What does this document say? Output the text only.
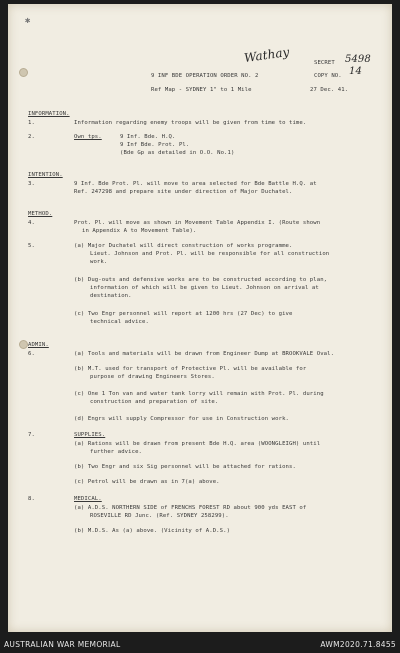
✱
Wathay	5498
SECRET
9 INF BDE OPERATION ORDER NO. 2	COPY NO. 14
Ref Map - SYDNEY 1" to 1 Mile	27 Dec. 41.
INFORMATION.
1.	Information regarding enemy troops will be given from time to time.
2.	Own tps.	9 Inf. Bde. H.Q.
9 Inf Bde. Prot. Pl.
(Bde Gp as detailed in O.O. No.1)
INTENTION.
3.	9 Inf. Bde Prot. Pl. will move to area selected for Bde Battle H.Q. at
Ref. 247298 and prepare site under direction of Major Duchatel.
METHOD.
4.	Prot. Pl. will move as shown in Movement Table Appendix I. (Route shown
in Appendix A to Movement Table).
5.	(a) Major Duchatel will direct construction of works programme.
Lieut. Johnson and Prot. Pl. will be responsible for all construction
work.
(b) Dug-outs and defensive works are to be constructed according to plan,
information of which will be given to Lieut. Johnson on arrival at
destination.
(c) Two Engr personnel will report at 1200 hrs (27 Dec) to give
technical advice.
ADMIN.
6.	(a) Tools and materials will be drawn from Engineer Dump at BROOKVALE Oval.
(b) M.T. used for transport of Protective Pl. will be available for
purpose of drawing Engineers Stores.
(c) One 1 Ton van and water tank lorry will remain with Prot. Pl. during
construction and preparation of site.
(d) Engrs will supply Compressor for use in Construction work.
7.	SUPPLIES.
(a) Rations will be drawn from present Bde H.Q. area (WOONGLEIGH) until
further advice.
(b) Two Engr and six Sig personnel will be attached for rations.
(c) Petrol will be drawn as in 7(a) above.
8.	MEDICAL.
(a) A.D.S. NORTHERN SIDE of FRENCHS FOREST RD about 900 yds EAST of
ROSEVILLE RD Junc. (Ref. SYDNEY 258299).
(b) M.D.S. As (a) above. (Vicinity of A.D.S.)
AUSTRALIAN WAR MEMORIAL	AWM2020.71.8455
